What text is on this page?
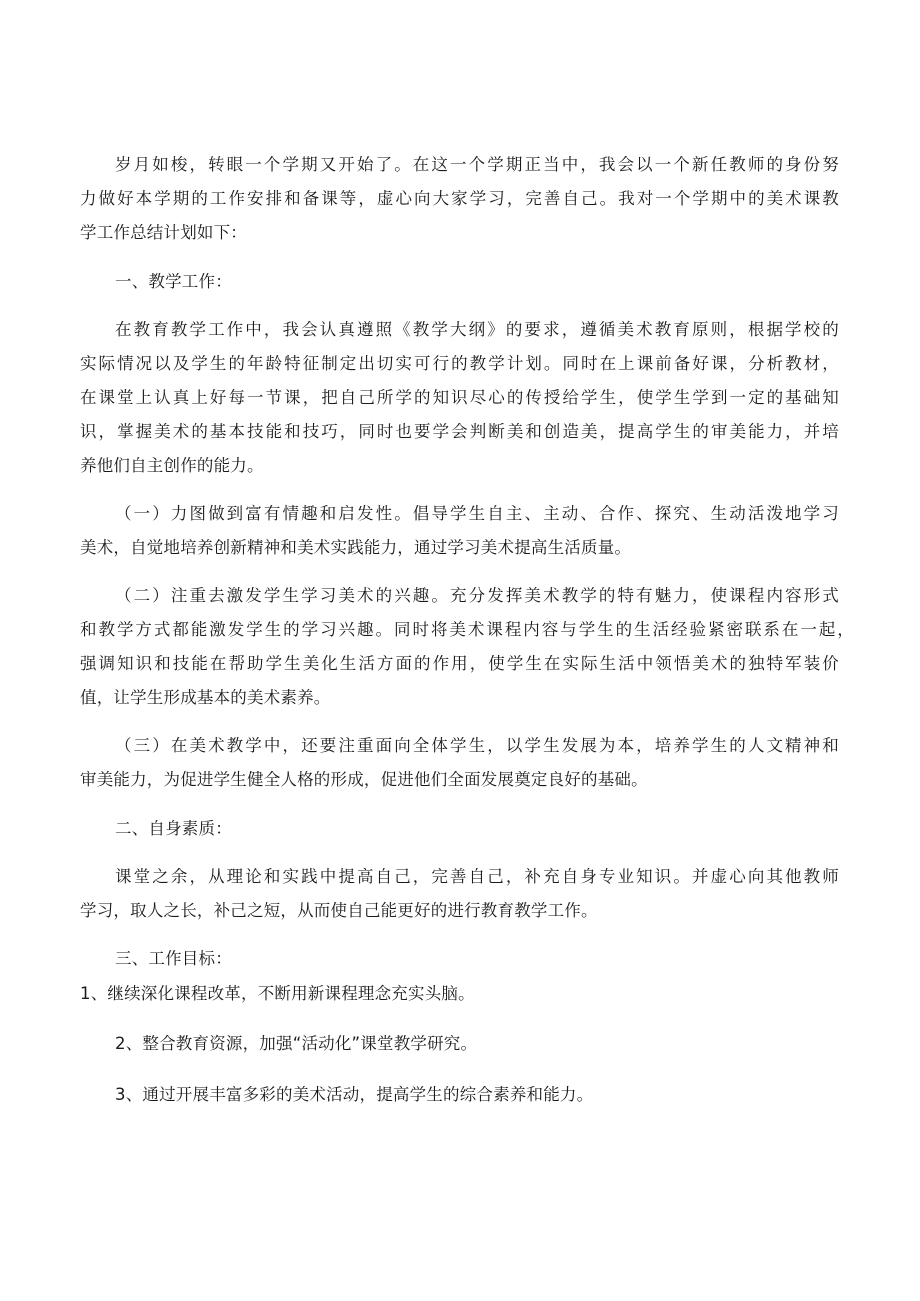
岁月如梭，转眼一个学期又开始了。在这一个学期正当中，我会以一个新任教师的身份努
力做好本学期的工作安排和备课等，虚心向大家学习，完善自己。我对一个学期中的美术课教
学工作总结计划如下：
一、教学工作：
在教育教学工作中，我会认真遵照《教学大纲》的要求，遵循美术教育原则，根据学校的
实际情况以及学生的年龄特征制定出切实可行的教学计划。同时在上课前备好课，分析教材，
在课堂上认真上好每一节课，把自己所学的知识尽心的传授给学生，使学生学到一定的基础知
识，掌握美术的基本技能和技巧，同时也要学会判断美和创造美，提高学生的审美能力，并培
养他们自主创作的能力。
（一）力图做到富有情趣和启发性。倡导学生自主、主动、合作、探究、生动活泼地学习
美术，自觉地培养创新精神和美术实践能力，通过学习美术提高生活质量。
（二）注重去激发学生学习美术的兴趣。充分发挥美术教学的特有魅力，使课程内容形式
和教学方式都能激发学生的学习兴趣。同时将美术课程内容与学生的生活经验紧密联系在一起，
强调知识和技能在帮助学生美化生活方面的作用，使学生在实际生活中领悟美术的独特军装价
值，让学生形成基本的美术素养。
（三）在美术教学中，还要注重面向全体学生，以学生发展为本，培养学生的人文精神和
审美能力，为促进学生健全人格的形成，促进他们全面发展奠定良好的基础。
二、自身素质：
课堂之余，从理论和实践中提高自己，完善自己，补充自身专业知识。并虚心向其他教师
学习，取人之长，补己之短，从而使自己能更好的进行教育教学工作。
三、工作目标：
1、继续深化课程改革，不断用新课程理念充实头脑。
2、整合教育资源，加强“活动化”课堂教学研究。
3、通过开展丰富多彩的美术活动，提高学生的综合素养和能力。
